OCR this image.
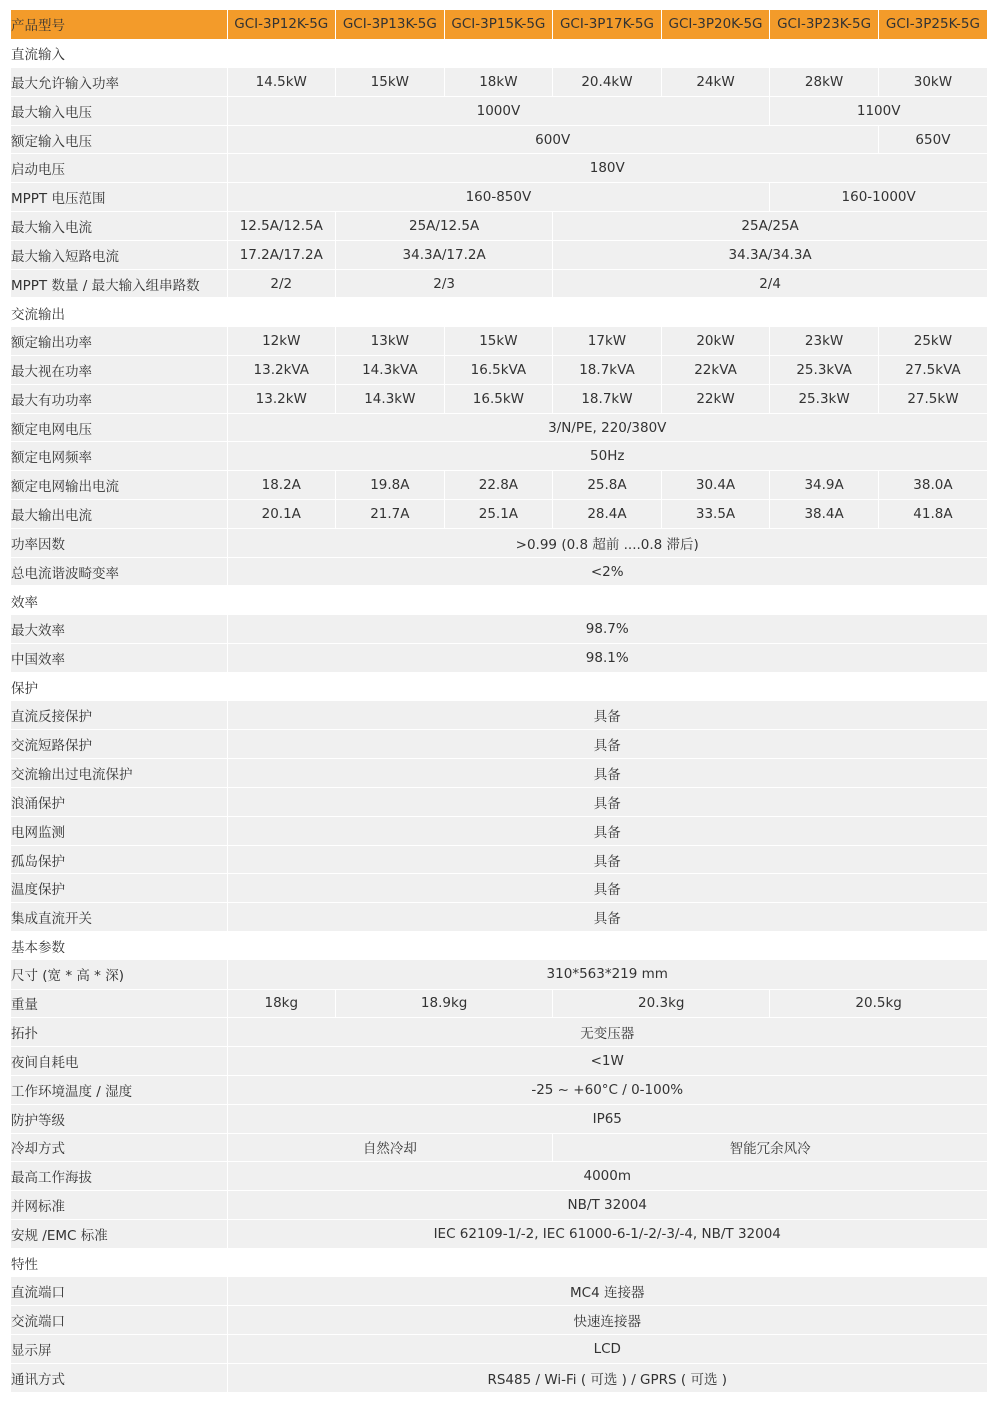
产品型号	GCI-3P12K-5G	GCI-3P13K-5G	GCI-3P15K-5G	GCI-3P17K-5G	GCI-3P20K-5G	GCI-3P23K-5G	GCI-3P25K-5G
直流输入							
最大允许输入功率	14.5kW	15kW	18kW	20.4kW	24kW	28kW	30kW
最大输入电压	1000V					1100V	
额定输入电压	600V						650V
启动电压	180V						
MPPT 电压范围	160-850V					160-1000V	
最大输入电流	12.5A/12.5A	25A/12.5A		25A/25A			
最大输入短路电流	17.2A/17.2A	34.3A/17.2A		34.3A/34.3A			
MPPT 数量 / 最大输入组串路数	2/2	2/3		2/4			
交流输出							
额定输出功率	12kW	13kW	15kW	17kW	20kW	23kW	25kW
最大视在功率	13.2kVA	14.3kVA	16.5kVA	18.7kVA	22kVA	25.3kVA	27.5kVA
最大有功功率	13.2kW	14.3kW	16.5kW	18.7kW	22kW	25.3kW	27.5kW
额定电网电压	3/N/PE, 220/380V						
额定电网频率	50Hz						
额定电网输出电流	18.2A	19.8A	22.8A	25.8A	30.4A	34.9A	38.0A
最大输出电流	20.1A	21.7A	25.1A	28.4A	33.5A	38.4A	41.8A
功率因数	>0.99 (0.8 超前 ....0.8 滞后)						
总电流谐波畸变率	<2%						
效率							
最大效率	98.7%						
中国效率	98.1%						
保护							
直流反接保护	具备						
交流短路保护	具备						
交流输出过电流保护	具备						
浪涌保护	具备						
电网监测	具备						
孤岛保护	具备						
温度保护	具备						
集成直流开关	具备						
基本参数							
尺寸 (宽 * 高 * 深)	310*563*219 mm						
重量	18kg	18.9kg		20.3kg		20.5kg	
拓扑	无变压器						
夜间自耗电	<1W						
工作环境温度 / 湿度	-25 ~ +60°C / 0-100%						
防护等级	IP65						
冷却方式	自然冷却			智能冗余风冷			
最高工作海拔	4000m						
并网标准	NB/T 32004						
安规 /EMC 标准	IEC 62109-1/-2, IEC 61000-6-1/-2/-3/-4, NB/T 32004						
特性							
直流端口	MC4 连接器						
交流端口	快速连接器						
显示屏	LCD						
通讯方式	RS485 / Wi-Fi ( 可选 ) / GPRS ( 可选 )						
